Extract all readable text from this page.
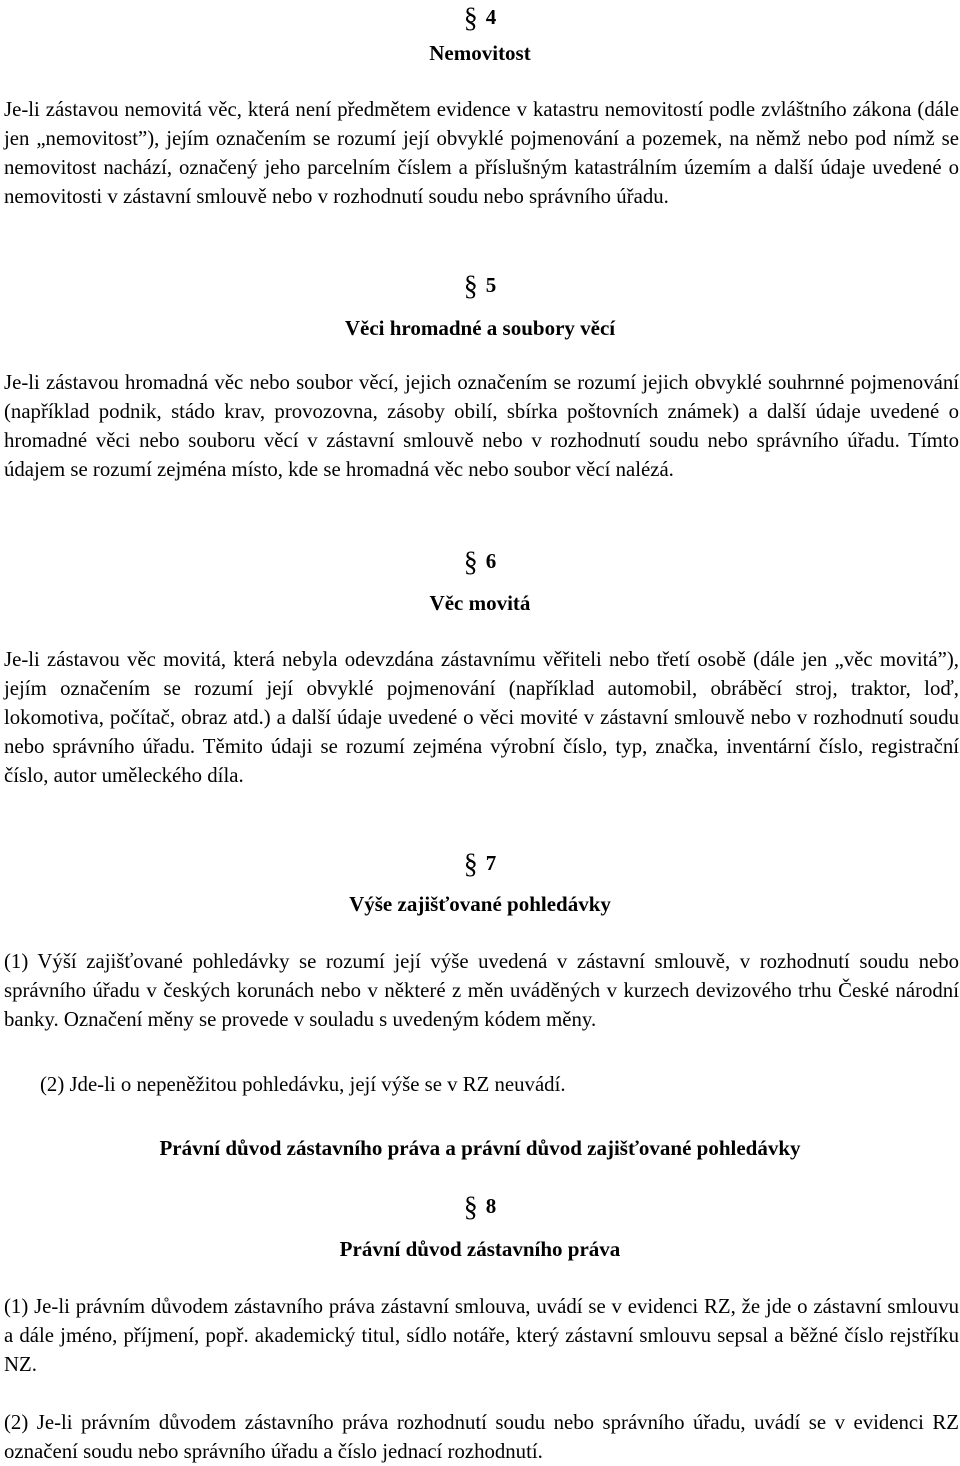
§ 4

Nemovitost

Je-li zástavou nemovitá věc, která není předmětem evidence v katastru nemovitostí podle zvláštního zákona (dále jen „nemovitost”), jejím označením se rozumí její obvyklé pojmenování a pozemek, na němž nebo pod nímž se nemovitost nachází, označený jeho parcelním číslem a příslušným katastrálním územím a další údaje uvedené o nemovitosti v zástavní smlouvě nebo v rozhodnutí soudu nebo správního úřadu.

§ 5

Věci hromadné a soubory věcí

Je-li zástavou hromadná věc nebo soubor věcí, jejich označením se rozumí jejich obvyklé souhrnné pojmenování (například podnik, stádo krav, provozovna, zásoby obilí, sbírka poštovních známek) a další údaje uvedené o hromadné věci nebo souboru věcí v zástavní smlouvě nebo v rozhodnutí soudu nebo správního úřadu. Tímto údajem se rozumí zejména místo, kde se hromadná věc nebo soubor věcí nalézá.

§ 6

Věc movitá

Je-li zástavou věc movitá, která nebyla odevzdána zástavnímu věřiteli nebo třetí osobě (dále jen „věc movitá”), jejím označením se rozumí její obvyklé pojmenování (například automobil, obráběcí stroj, traktor, loď, lokomotiva, počítač, obraz atd.) a další údaje uvedené o věci movité v zástavní smlouvě nebo v rozhodnutí soudu nebo správního úřadu. Těmito údaji se rozumí zejména výrobní číslo, typ, značka, inventární číslo, registrační číslo, autor uměleckého díla.

§ 7

Výše zajišťované pohledávky

(1) Výší zajišťované pohledávky se rozumí její výše uvedená v zástavní smlouvě, v rozhodnutí soudu nebo správního úřadu v českých korunách nebo v některé z měn uváděných v kurzech devizového trhu České národní banky. Označení měny se provede v souladu s uvedeným kódem měny.

(2) Jde-li o nepeněžitou pohledávku, její výše se v RZ neuvádí.

Právní důvod zástavního práva a právní důvod zajišťované pohledávky

§ 8

Právní důvod zástavního práva

(1) Je-li právním důvodem zástavního práva zástavní smlouva, uvádí se v evidenci RZ, že jde o zástavní smlouvu a dále jméno, příjmení, popř. akademický titul, sídlo notáře, který zástavní smlouvu sepsal a běžné číslo rejstříku NZ.

(2) Je-li právním důvodem zástavního práva rozhodnutí soudu nebo správního úřadu, uvádí se v evidenci RZ označení soudu nebo správního úřadu a číslo jednací rozhodnutí.
